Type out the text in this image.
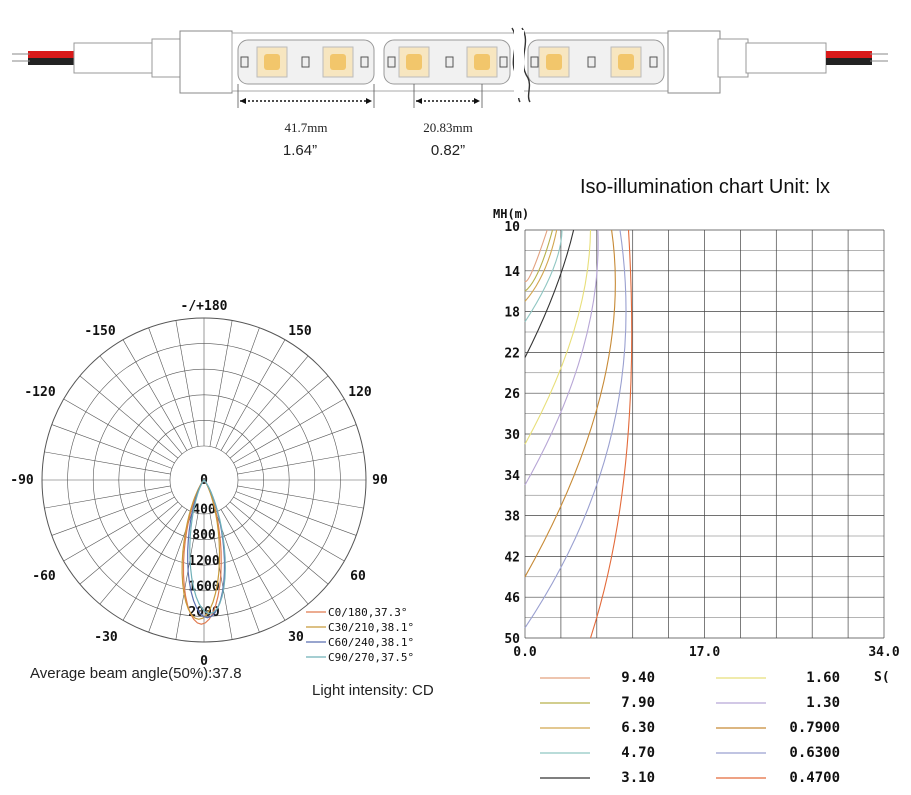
41.7mm
1.64”
20.83mm
0.82”
-/+180
-150	150
-120	120
-90	90
-60	60
-30	30
0
0
400
800
1200
1600
2000	C0/180,37.3°
C30/210,38.1°
C60/240,38.1°
C90/270,37.5°
Average beam angle(50%):37.8
Light intensity: CD
Iso-illumination chart Unit: lx
MH(m)
10
14
18
22
26
30
34
38
42
46
50
0.0	17.0	34.0
S(
9.40
7.90
6.30
4.70
3.10
1.60
1.30
0.7900
0.6300
0.4700
